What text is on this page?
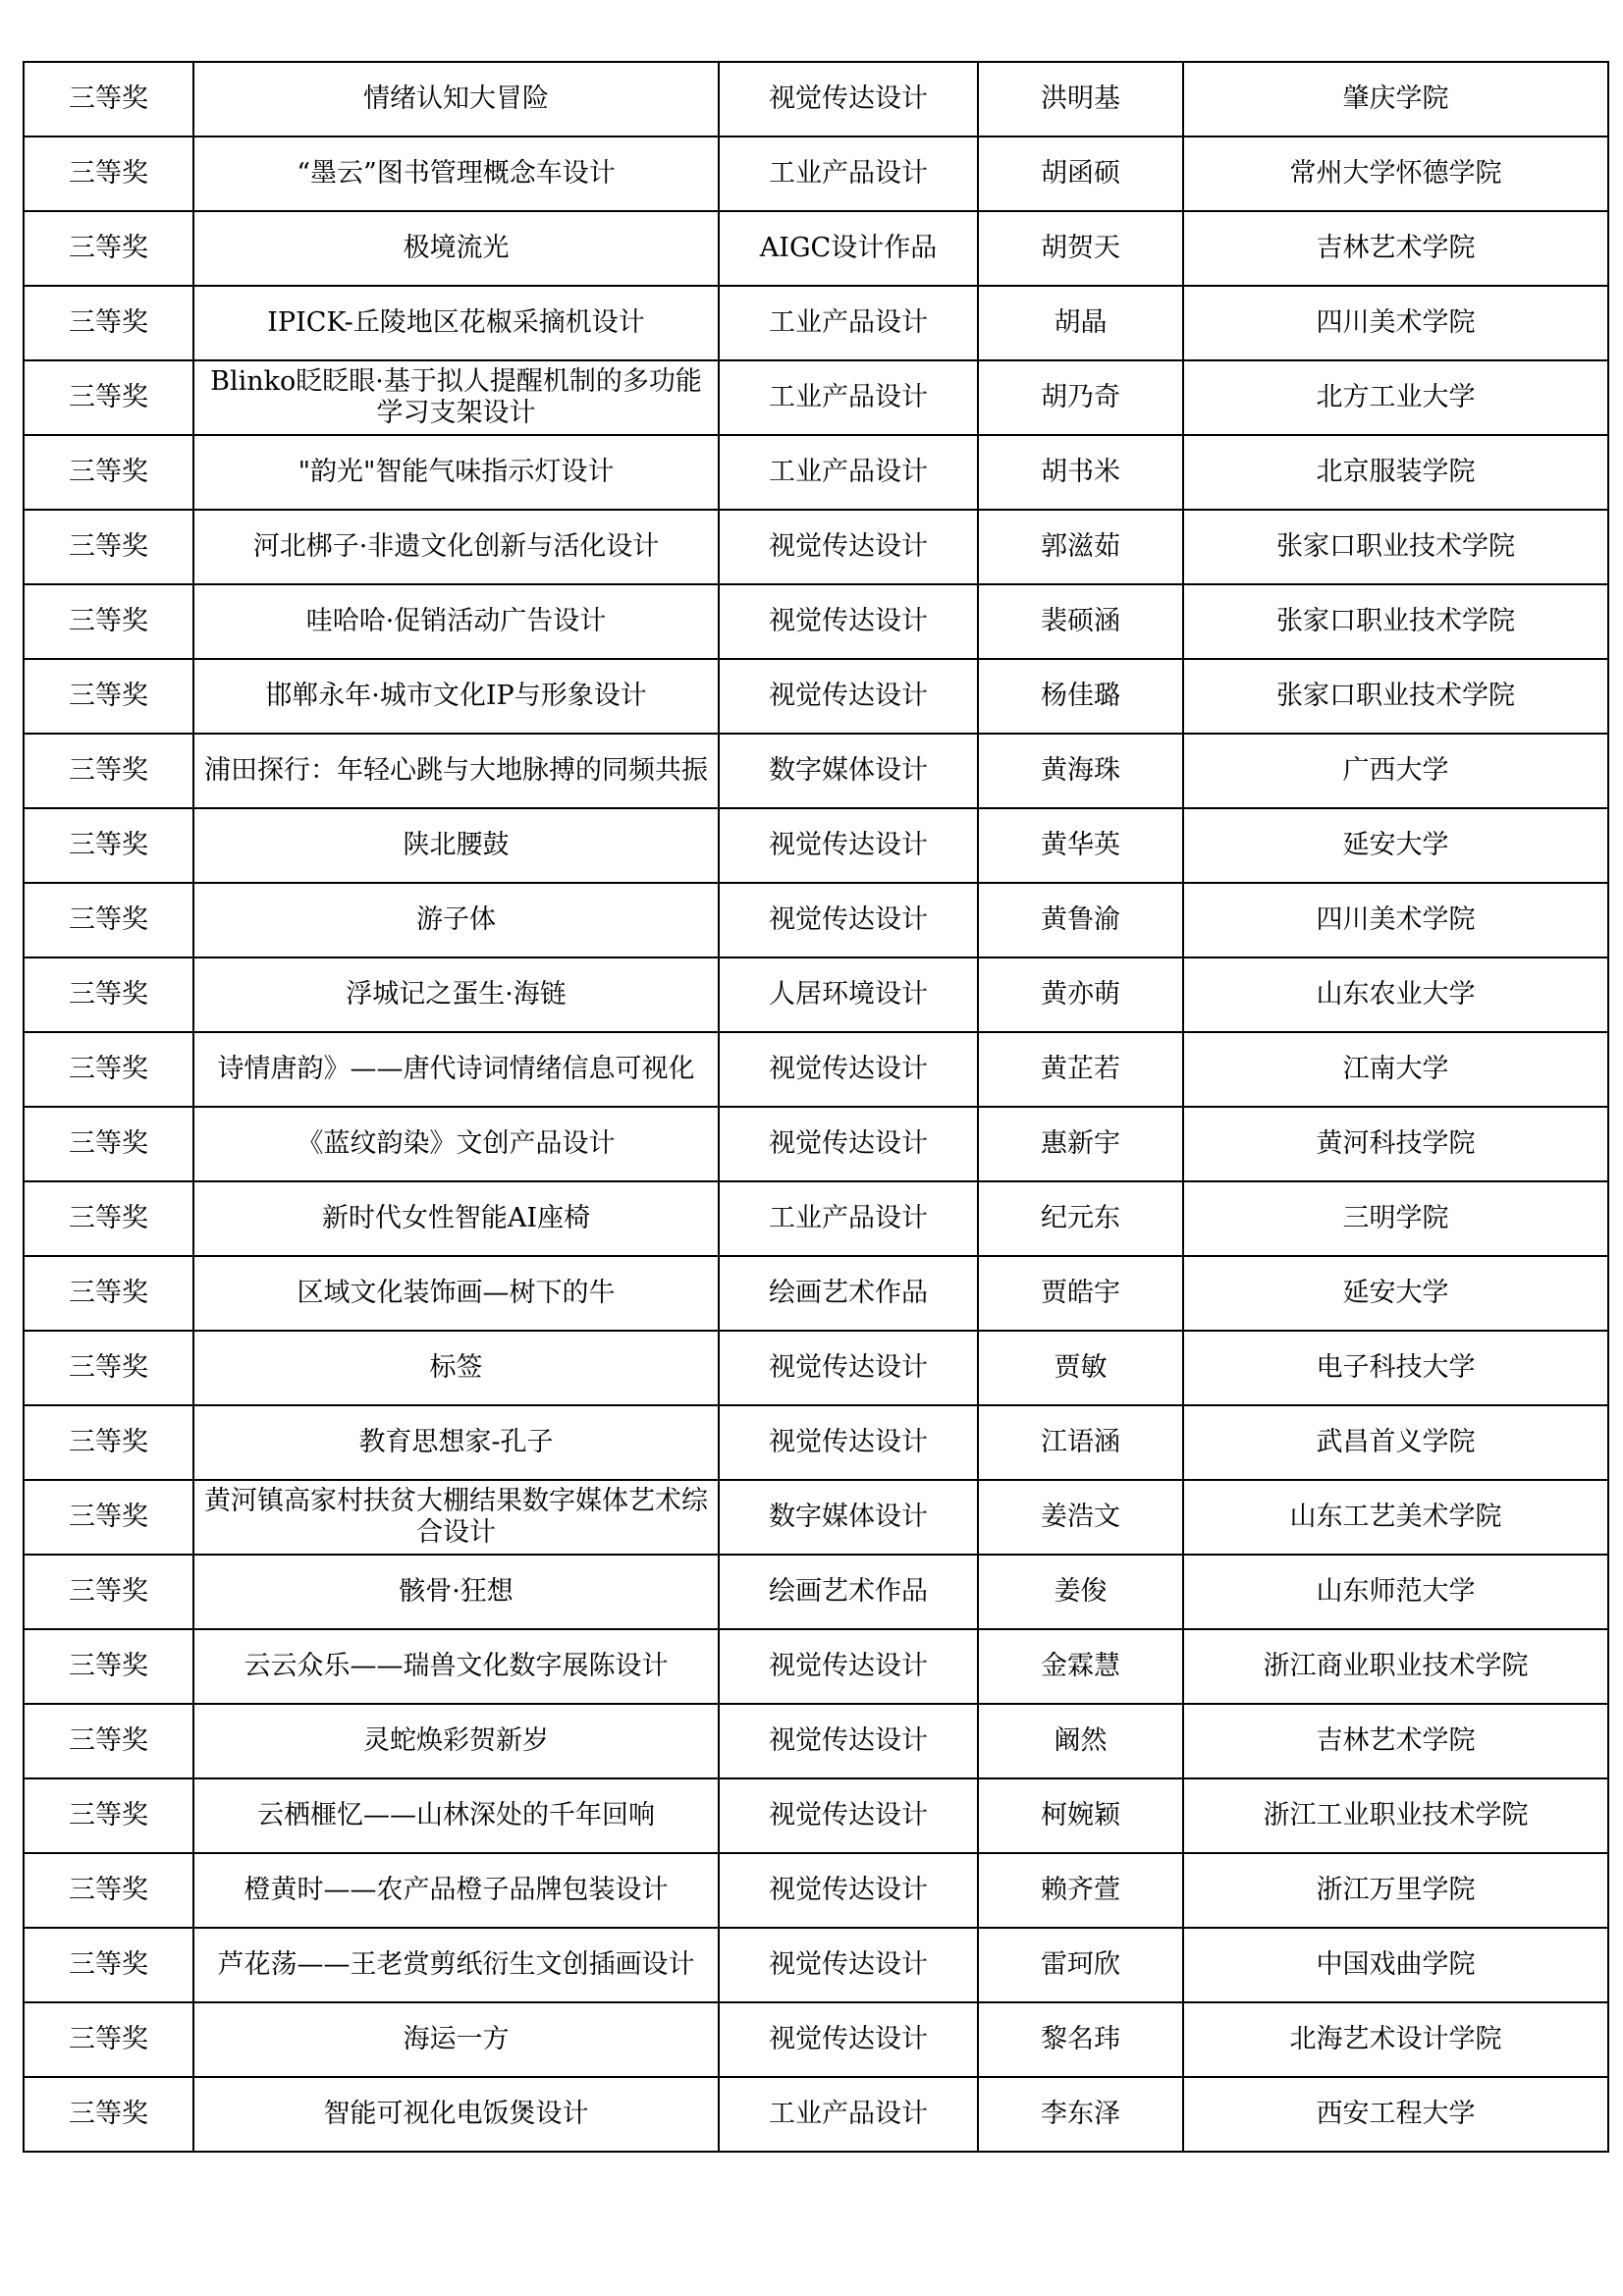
三等奖	情绪认知大冒险	视觉传达设计	洪明基	肇庆学院
三等奖	“墨云”图书管理概念车设计	工业产品设计	胡函硕	常州大学怀德学院
三等奖	极境流光	AIGC设计作品	胡贺天	吉林艺术学院
三等奖	IPICK-丘陵地区花椒采摘机设计	工业产品设计	胡晶	四川美术学院
三等奖	Blinko眨眨眼·基于拟人提醒机制的多功能学习支架设计	工业产品设计	胡乃奇	北方工业大学
三等奖	"韵光"智能气味指示灯设计	工业产品设计	胡书米	北京服装学院
三等奖	河北梆子·非遗文化创新与活化设计	视觉传达设计	郭滋茹	张家口职业技术学院
三等奖	哇哈哈·促销活动广告设计	视觉传达设计	裴硕涵	张家口职业技术学院
三等奖	邯郸永年·城市文化IP与形象设计	视觉传达设计	杨佳璐	张家口职业技术学院
三等奖	浦田探行：年轻心跳与大地脉搏的同频共振	数字媒体设计	黄海珠	广西大学
三等奖	陕北腰鼓	视觉传达设计	黄华英	延安大学
三等奖	游子体	视觉传达设计	黄鲁渝	四川美术学院
三等奖	浮城记之蛋生·海链	人居环境设计	黄亦萌	山东农业大学
三等奖	诗情唐韵》——唐代诗词情绪信息可视化	视觉传达设计	黄芷若	江南大学
三等奖	《蓝纹韵染》文创产品设计	视觉传达设计	惠新宇	黄河科技学院
三等奖	新时代女性智能AI座椅	工业产品设计	纪元东	三明学院
三等奖	区域文化装饰画—树下的牛	绘画艺术作品	贾皓宇	延安大学
三等奖	标签	视觉传达设计	贾敏	电子科技大学
三等奖	教育思想家-孔子	视觉传达设计	江语涵	武昌首义学院
三等奖	黄河镇高家村扶贫大棚结果数字媒体艺术综合设计	数字媒体设计	姜浩文	山东工艺美术学院
三等奖	骸骨·狂想	绘画艺术作品	姜俊	山东师范大学
三等奖	云云众乐——瑞兽文化数字展陈设计	视觉传达设计	金霖慧	浙江商业职业技术学院
三等奖	灵蛇焕彩贺新岁	视觉传达设计	阚然	吉林艺术学院
三等奖	云栖榧忆——山林深处的千年回响	视觉传达设计	柯婉颖	浙江工业职业技术学院
三等奖	橙黄时——农产品橙子品牌包装设计	视觉传达设计	赖齐萱	浙江万里学院
三等奖	芦花荡——王老赏剪纸衍生文创插画设计	视觉传达设计	雷珂欣	中国戏曲学院
三等奖	海运一方	视觉传达设计	黎名玮	北海艺术设计学院
三等奖	智能可视化电饭煲设计	工业产品设计	李东泽	西安工程大学
